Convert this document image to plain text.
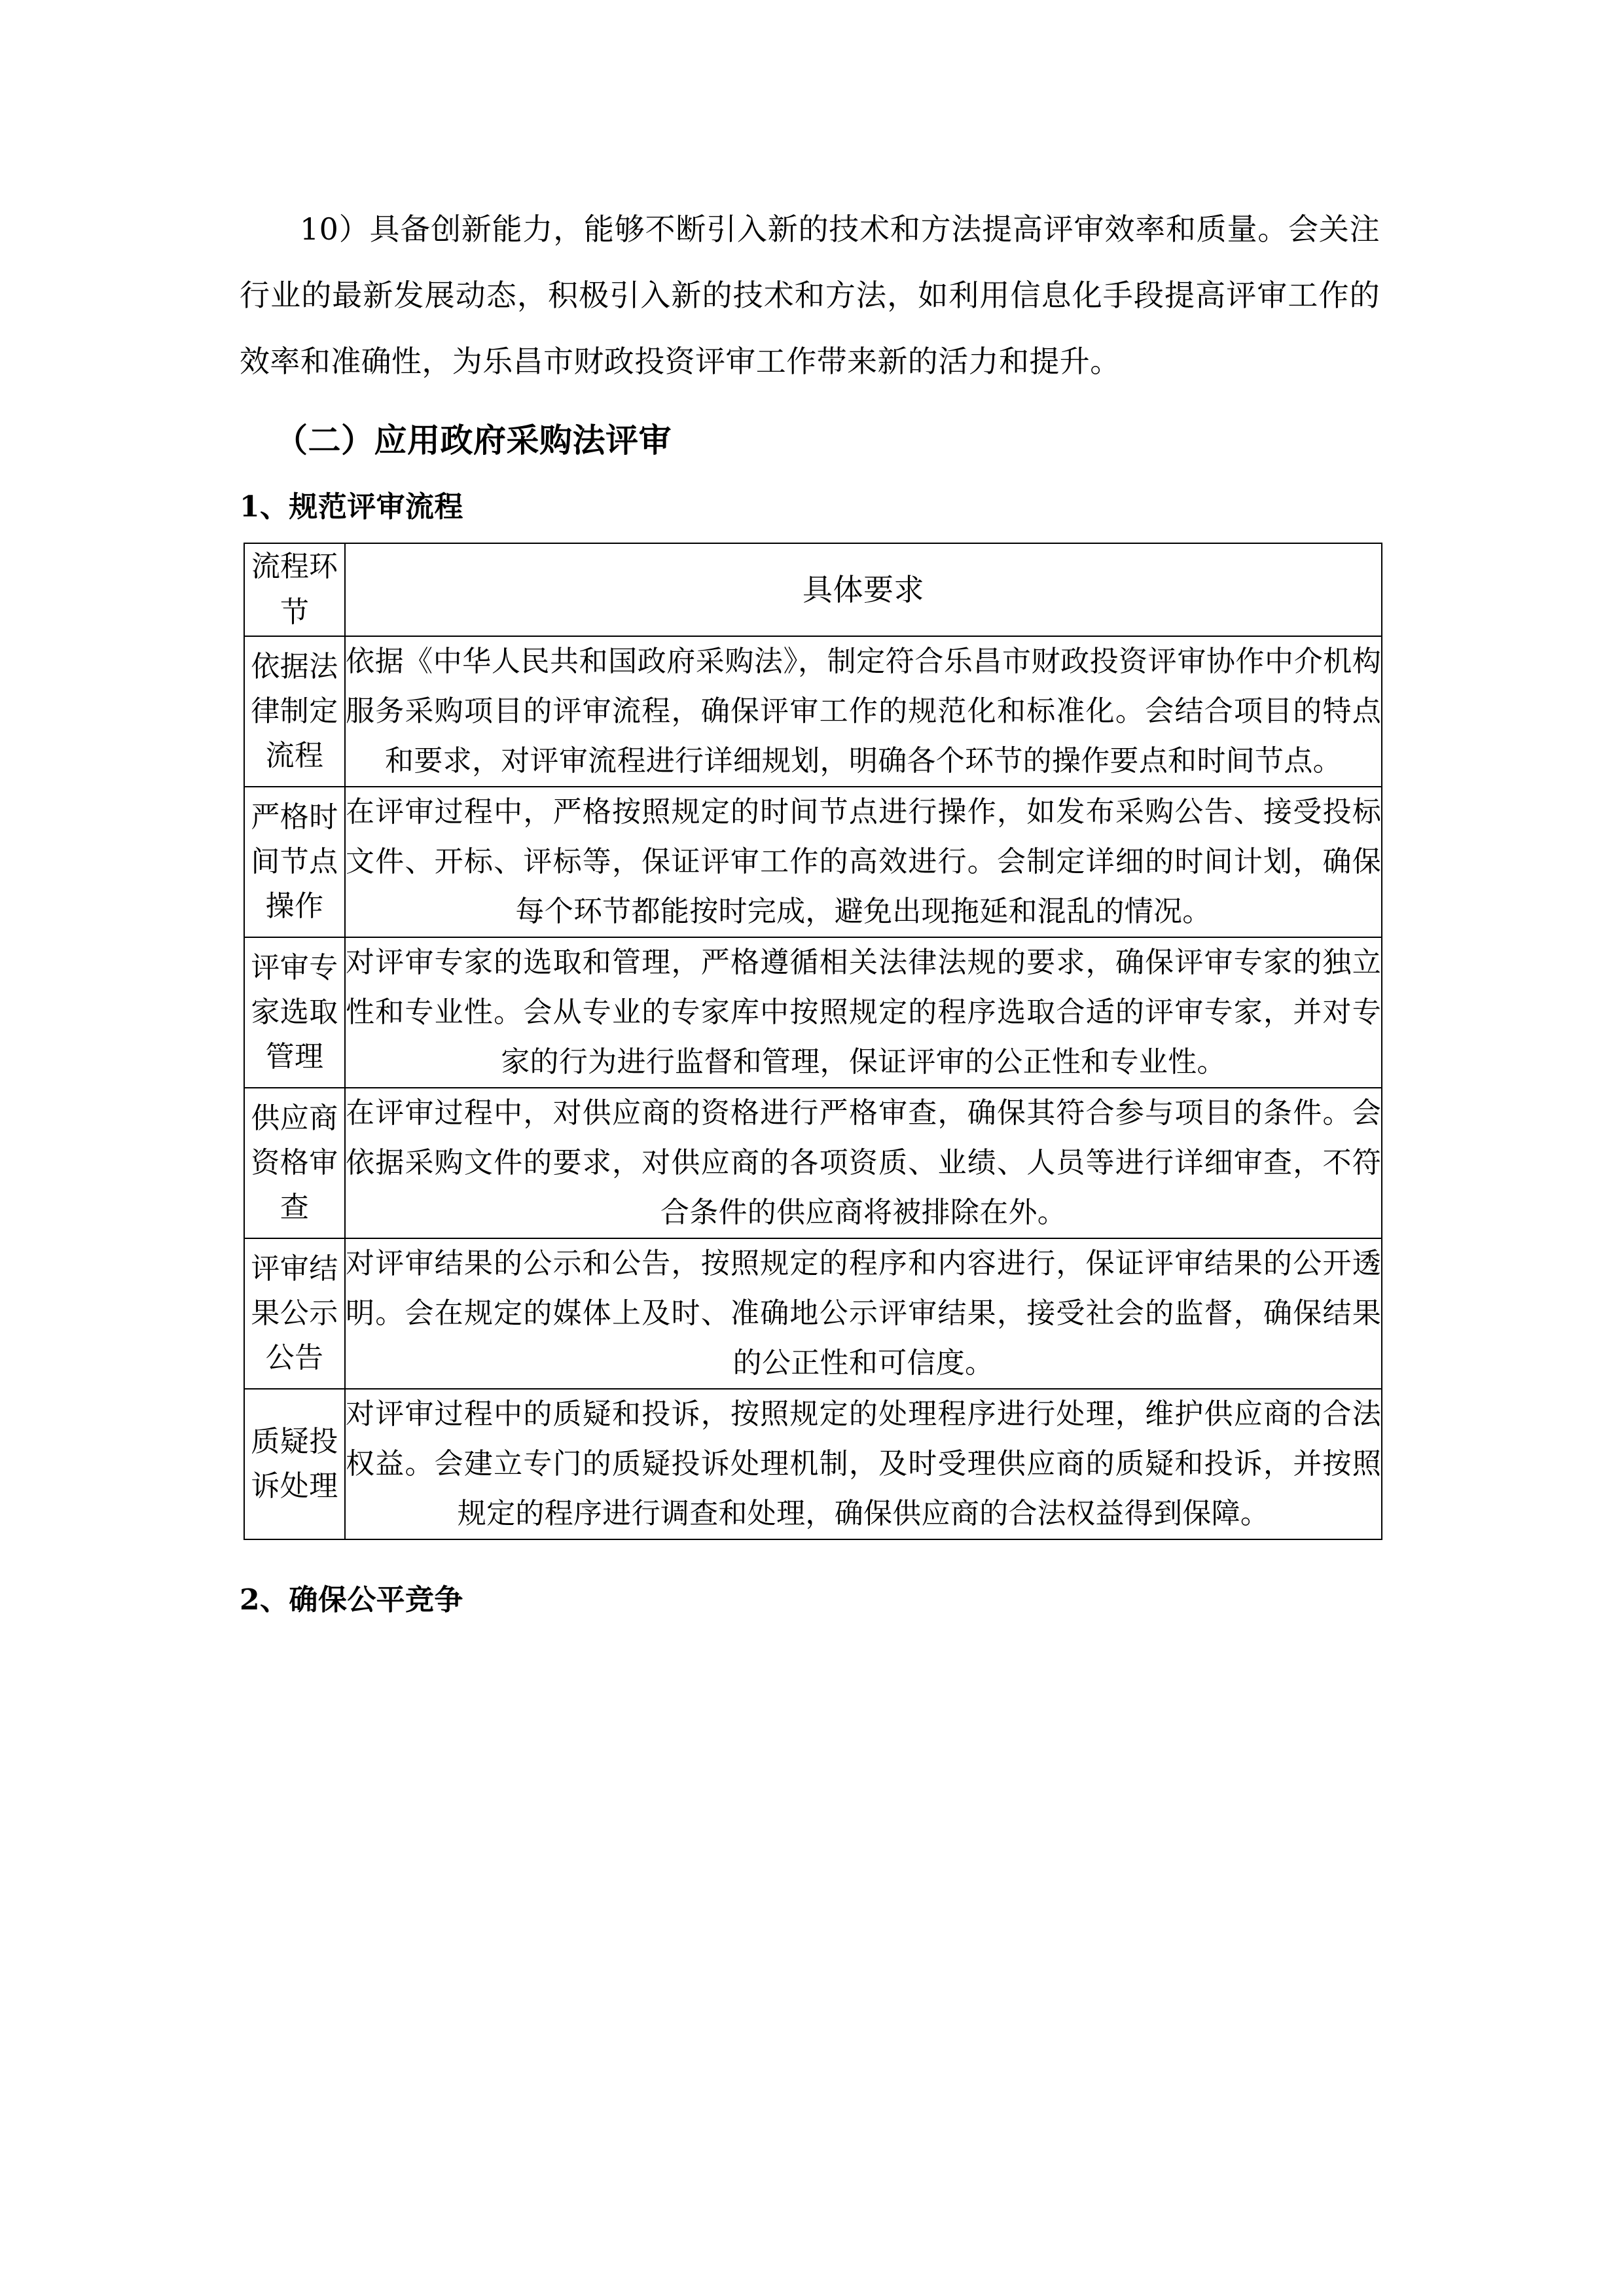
10）具备创新能力，能够不断引入新的技术和方法提高评审效率和质量。会关注行业的最新发展动态，积极引入新的技术和方法，如利用信息化手段提高评审工作的效率和准确性，为乐昌市财政投资评审工作带来新的活力和提升。

（二）应用政府采购法评审
1、规范评审流程
流程环节	具体要求
依据法律制定流程	依据《中华人民共和国政府采购法》，制定符合乐昌市财政投资评审协作中介机构服务采购项目的评审流程，确保评审工作的规范化和标准化。会结合项目的特点和要求，对评审流程进行详细规划，明确各个环节的操作要点和时间节点。
严格时间节点操作	在评审过程中，严格按照规定的时间节点进行操作，如发布采购公告、接受投标文件、开标、评标等，保证评审工作的高效进行。会制定详细的时间计划，确保每个环节都能按时完成，避免出现拖延和混乱的情况。
评审专家选取管理	对评审专家的选取和管理，严格遵循相关法律法规的要求，确保评审专家的独立性和专业性。会从专业的专家库中按照规定的程序选取合适的评审专家，并对专家的行为进行监督和管理，保证评审的公正性和专业性。
供应商资格审查	在评审过程中，对供应商的资格进行严格审查，确保其符合参与项目的条件。会依据采购文件的要求，对供应商的各项资质、业绩、人员等进行详细审查，不符合条件的供应商将被排除在外。
评审结果公示公告	对评审结果的公示和公告，按照规定的程序和内容进行，保证评审结果的公开透明。会在规定的媒体上及时、准确地公示评审结果，接受社会的监督，确保结果的公正性和可信度。
质疑投诉处理	对评审过程中的质疑和投诉，按照规定的处理程序进行处理，维护供应商的合法权益。会建立专门的质疑投诉处理机制，及时受理供应商的质疑和投诉，并按照规定的程序进行调查和处理，确保供应商的合法权益得到保障。
2、确保公平竞争
